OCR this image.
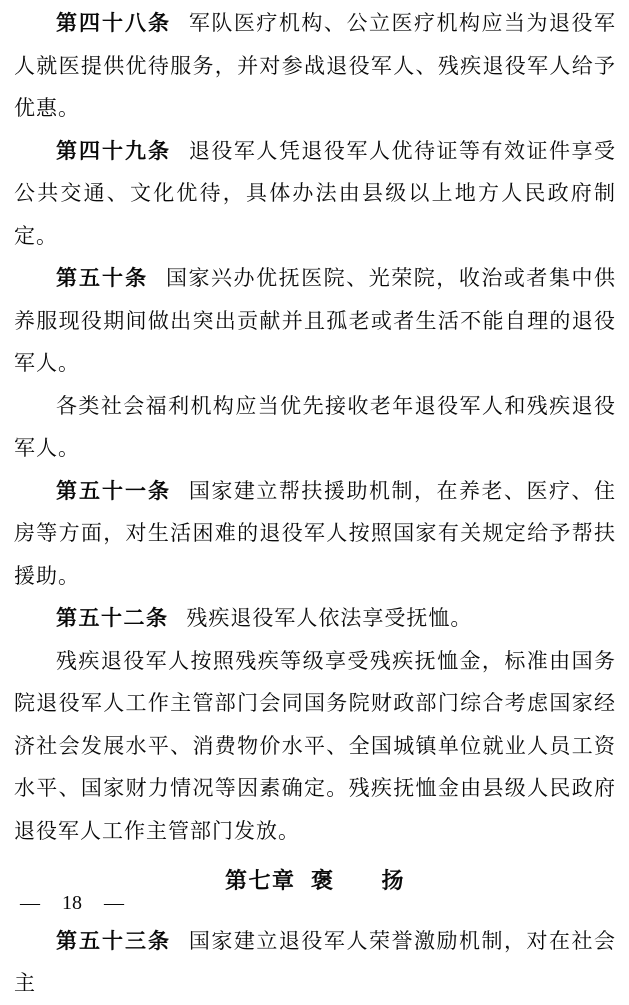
第四十八条 军队医疗机构、公立医疗机构应当为退役军人就医提供优待服务，并对参战退役军人、残疾退役军人给予优惠。

第四十九条 退役军人凭退役军人优待证等有效证件享受公共交通、文化优待，具体办法由县级以上地方人民政府制定。

第五十条 国家兴办优抚医院、光荣院，收治或者集中供养服现役期间做出突出贡献并且孤老或者生活不能自理的退役军人。

各类社会福利机构应当优先接收老年退役军人和残疾退役军人。

第五十一条 国家建立帮扶援助机制，在养老、医疗、住房等方面，对生活困难的退役军人按照国家有关规定给予帮扶援助。

第五十二条 残疾退役军人依法享受抚恤。

残疾退役军人按照残疾等级享受残疾抚恤金，标准由国务院退役军人工作主管部门会同国务院财政部门综合考虑国家经济社会发展水平、消费物价水平、全国城镇单位就业人员工资水平、国家财力情况等因素确定。残疾抚恤金由县级人民政府退役军人工作主管部门发放。

第七章 褒　　扬

第五十三条 国家建立退役军人荣誉激励机制，对在社会主

— 18 —
